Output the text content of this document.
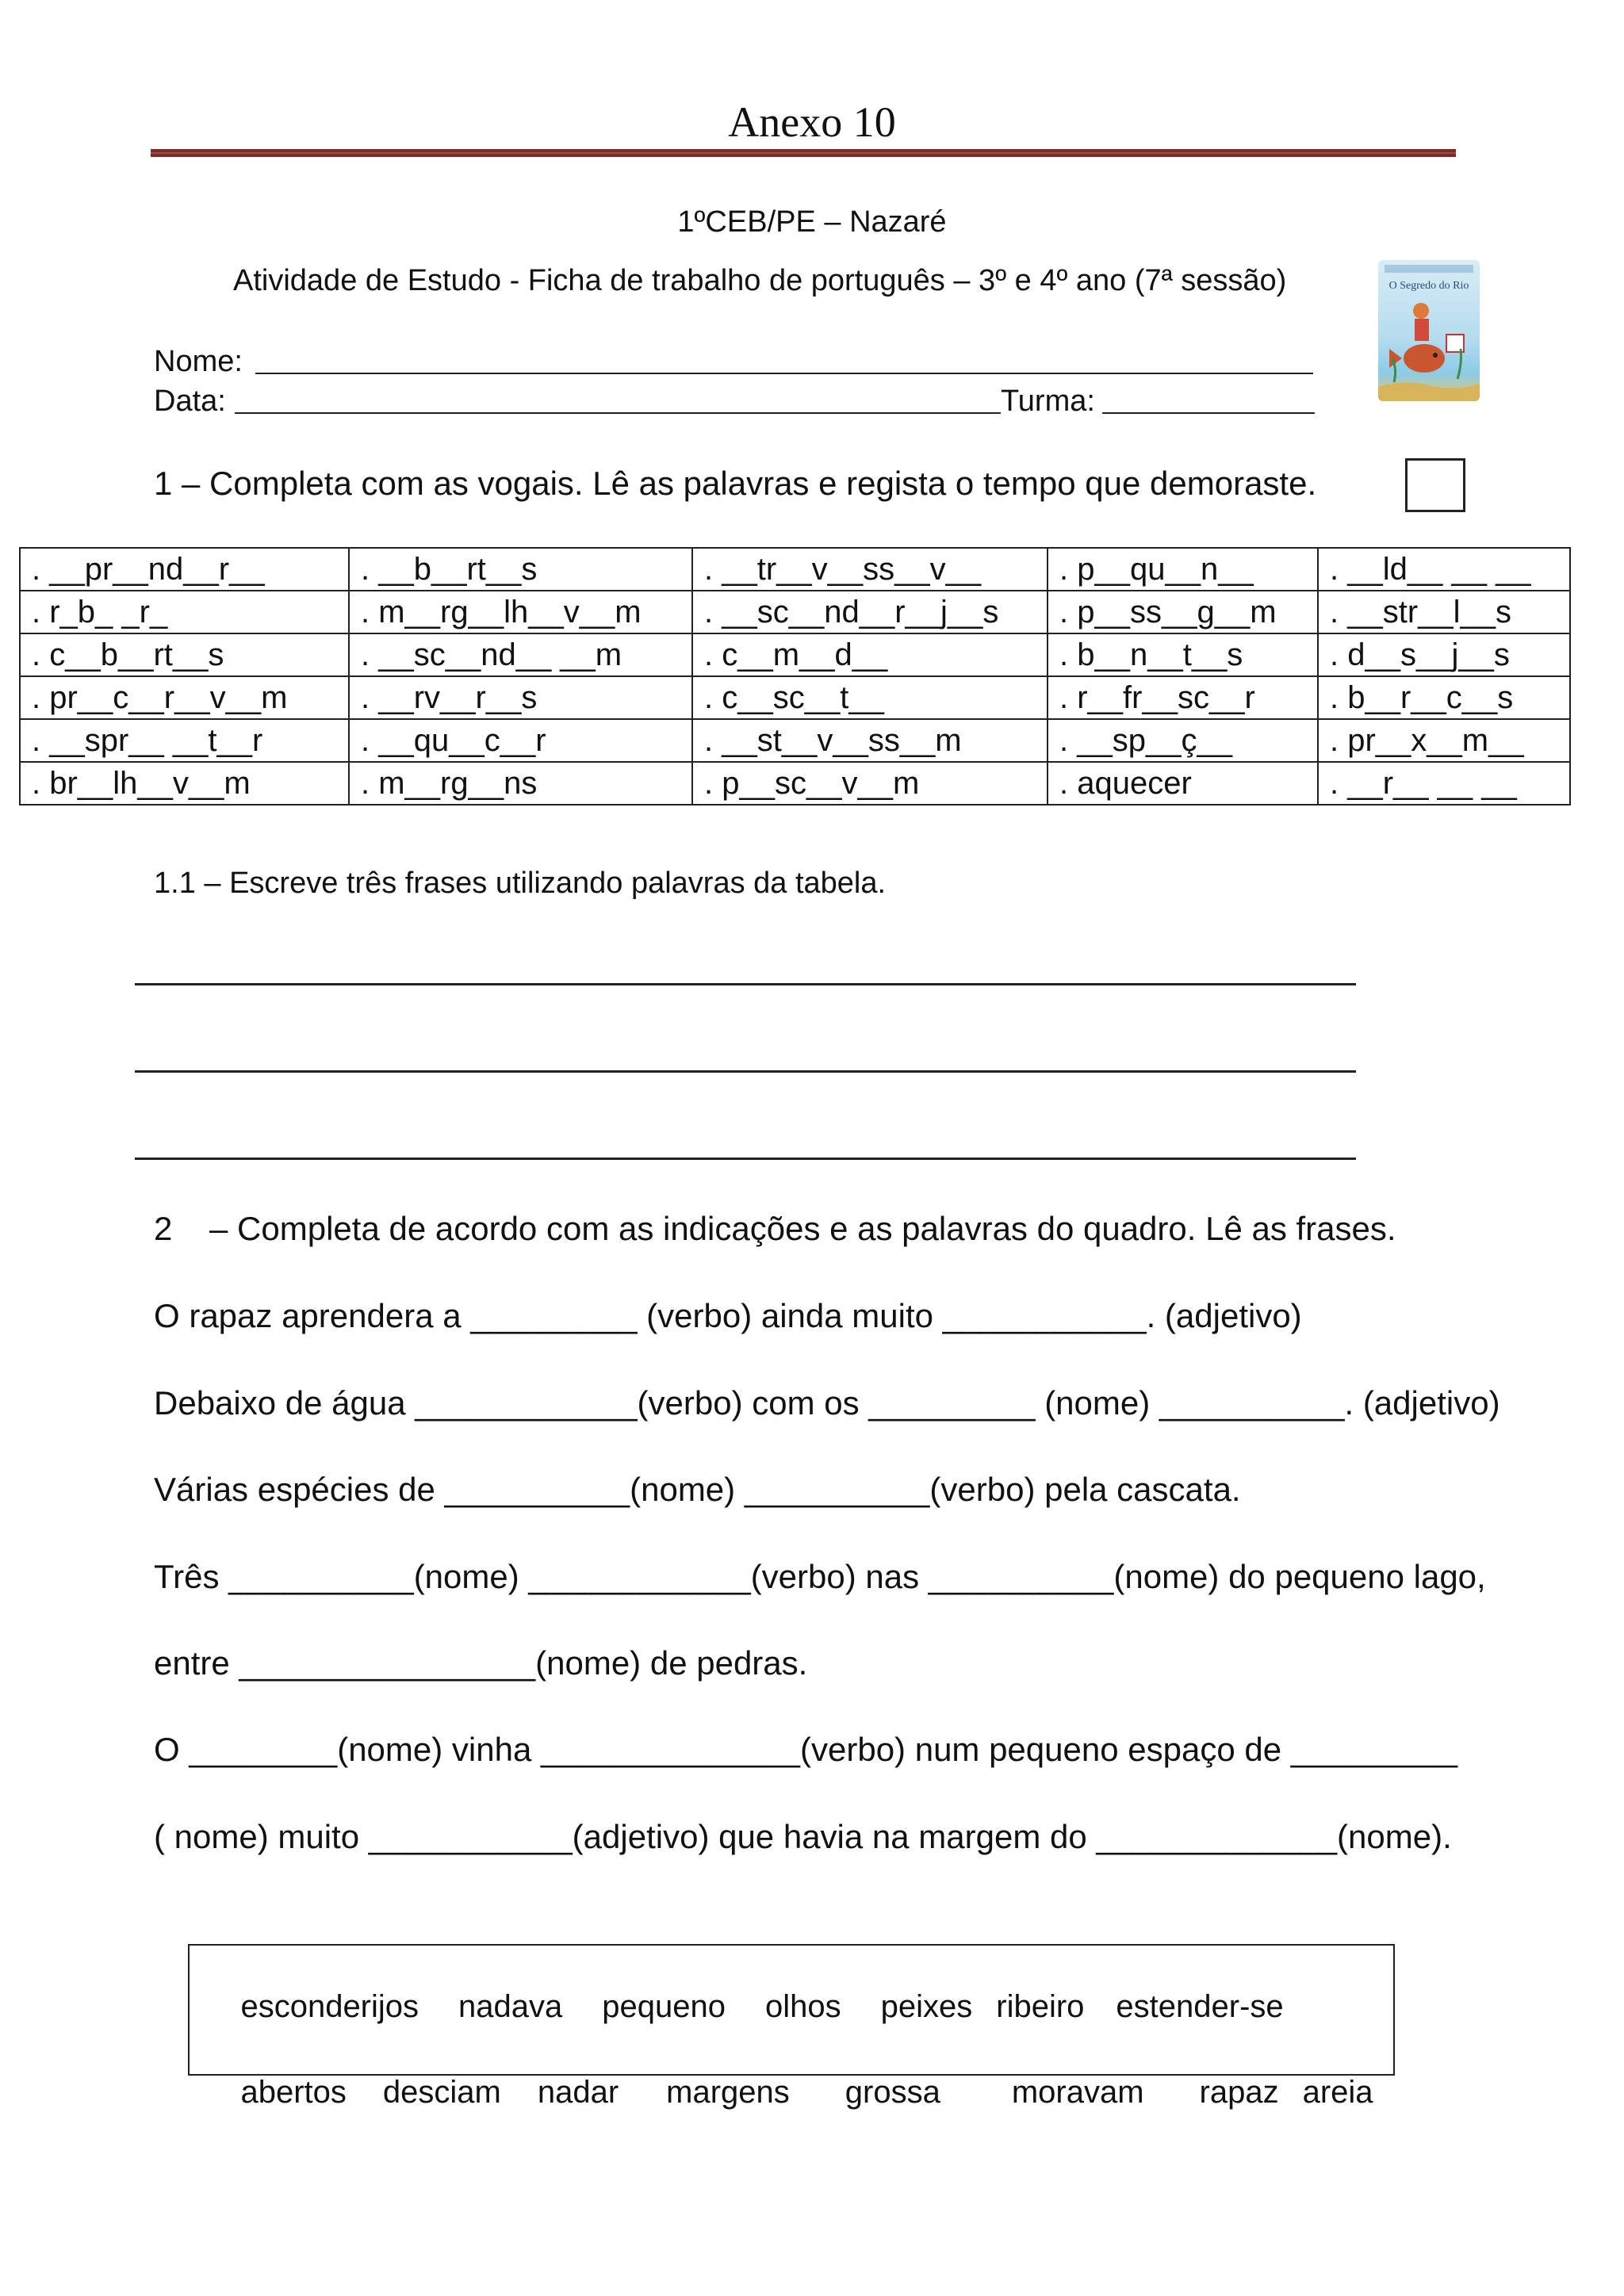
Anexo 10
1ºCEB/PE – Nazaré
Atividade de Estudo - Ficha de trabalho de português – 3º e 4º ano (7ª sessão)	O Segredo do Rio
Nome:
Data:	Turma:
1 – Completa com as vogais. Lê as palavras e regista o tempo que demoraste.
. __pr__nd__r__	. __b__rt__s	. __tr__v__ss__v__	. p__qu__n__	. __ld__ __ __
. r_b_ _r_	. m__rg__lh__v__m	. __sc__nd__r__j__s	. p__ss__g__m	. __str__l__s
. c__b__rt__s	. __sc__nd__ __m	. c__m__d__	. b__n__t__s	. d__s__j__s
. pr__c__r__v__m	. __rv__r__s	. c__sc__t__	. r__fr__sc__r	. b__r__c__s
. __spr__ __t__r	. __qu__c__r	. __st__v__ss__m	. __sp__ç__	. pr__x__m__
. br__lh__v__m	. m__rg__ns	. p__sc__v__m	. aquecer	. __r__ __ __
1.1 – Escreve três frases utilizando palavras da tabela.
2    – Completa de acordo com as indicações e as palavras do quadro. Lê as frases.
O rapaz aprendera a _________ (verbo) ainda muito ___________. (adjetivo)
Debaixo de água ____________(verbo) com os _________ (nome) __________. (adjetivo)
Várias espécies de __________(nome) __________(verbo) pela cascata.
Três __________(nome) ____________(verbo) nas __________(nome) do pequeno lago,
entre ________________(nome) de pedras.
O ________(nome) vinha ______________(verbo) num pequeno espaço de _________
( nome) muito ___________(adjetivo) que havia na margem do _____________(nome).

esconderijos nadava pequeno olhos peixes ribeiro estender-se

abertos desciam nadar margens grossa moravam rapaz areia
